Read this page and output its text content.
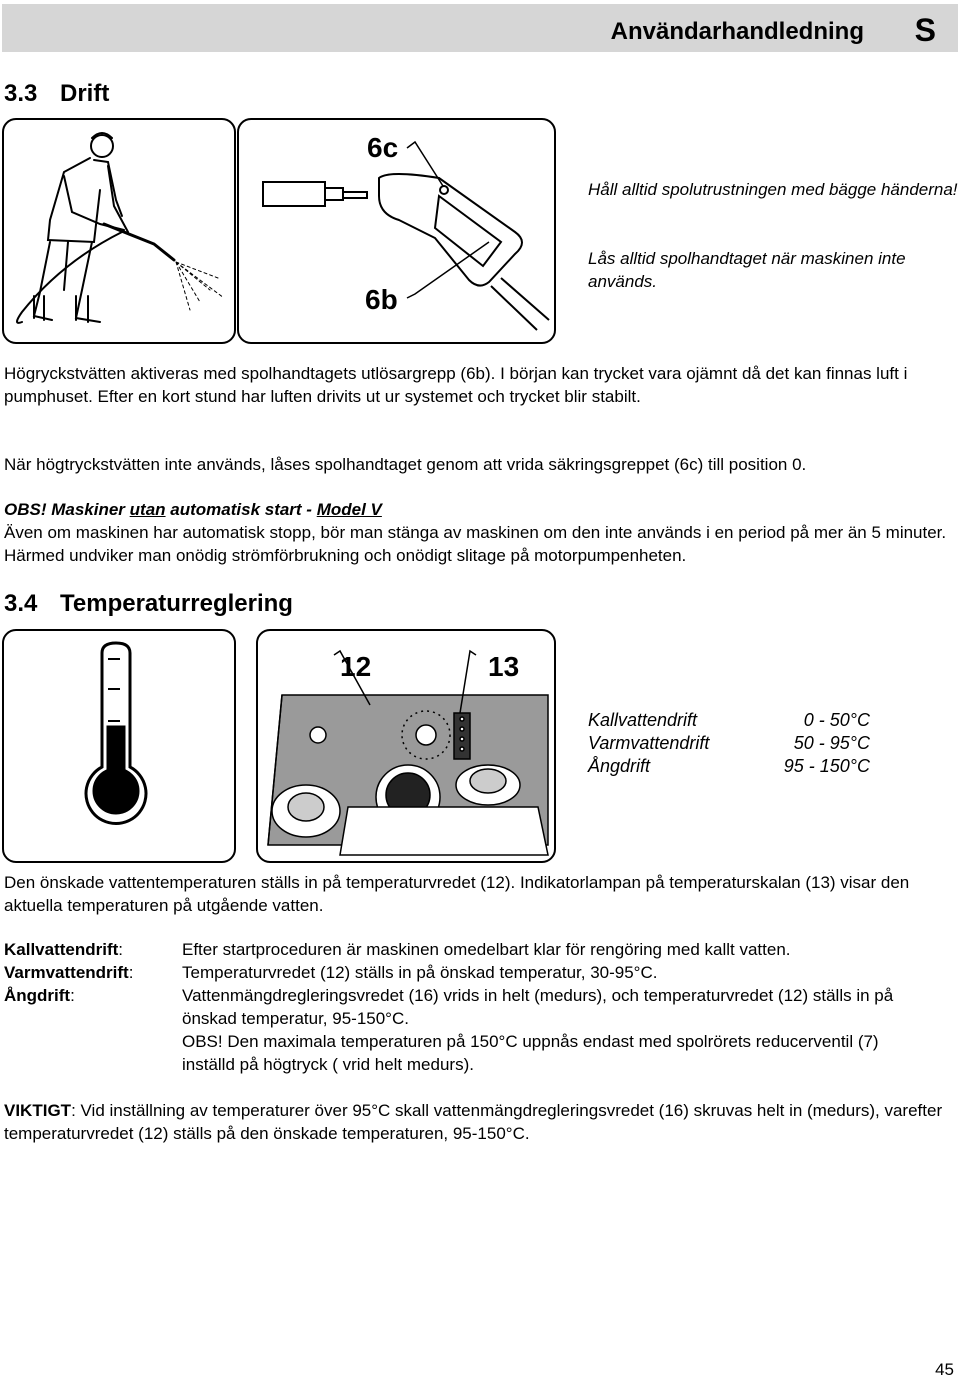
Användarhandledning S
3.3 Drift
6c
6b
Håll alltid spolutrustningen med bägge händerna!
Lås alltid spolhandtaget när maskinen inte används.
Högryckstvätten aktiveras med spolhandtagets utlösargrepp (6b). I början kan trycket vara ojämnt då det kan finnas luft i pumphuset. Efter en kort stund har luften drivits ut ur systemet och trycket blir stabilt.
När högtryckstvätten inte används, låses spolhandtaget genom att vrida säkringsgreppet (6c) till position 0.
OBS! Maskiner utan automatisk start - Model V
Även om maskinen har automatisk stopp, bör man stänga av maskinen om den inte används i en period på mer än 5 minuter. Härmed undviker man onödig strömförbrukning och onödigt slitage på motorpumpenheten.
3.4 Temperaturreglering
12	13
Kallvattendrift	0 - 50°C
Varmvattendrift	50 - 95°C
Ångdrift	95 - 150°C
Den önskade vattentemperaturen ställs in på temperaturvredet (12). Indikatorlampan på temperaturskalan (13) visar den aktuella temperaturen på utgående vatten.
Kallvattendrift:	Efter startproceduren är maskinen omedelbart klar för rengöring med kallt vatten.
Varmvattendrift:	Temperaturvredet (12) ställs in på önskad temperatur, 30-95°C.
Ångdrift:	Vattenmängdregleringsvredet (16) vrids in helt (medurs), och temperaturvredet (12) ställs in på önskad temperatur, 95-150°C.
OBS! Den maximala temperaturen på 150°C uppnås endast med spolrörets reducerventil (7) inställd på högtryck ( vrid helt medurs).
VIKTIGT: Vid inställning av temperaturer över 95°C skall vattenmängdregleringsvredet (16) skruvas helt in (medurs), varefter temperaturvredet (12) ställs på den önskade temperaturen, 95-150°C.
45
